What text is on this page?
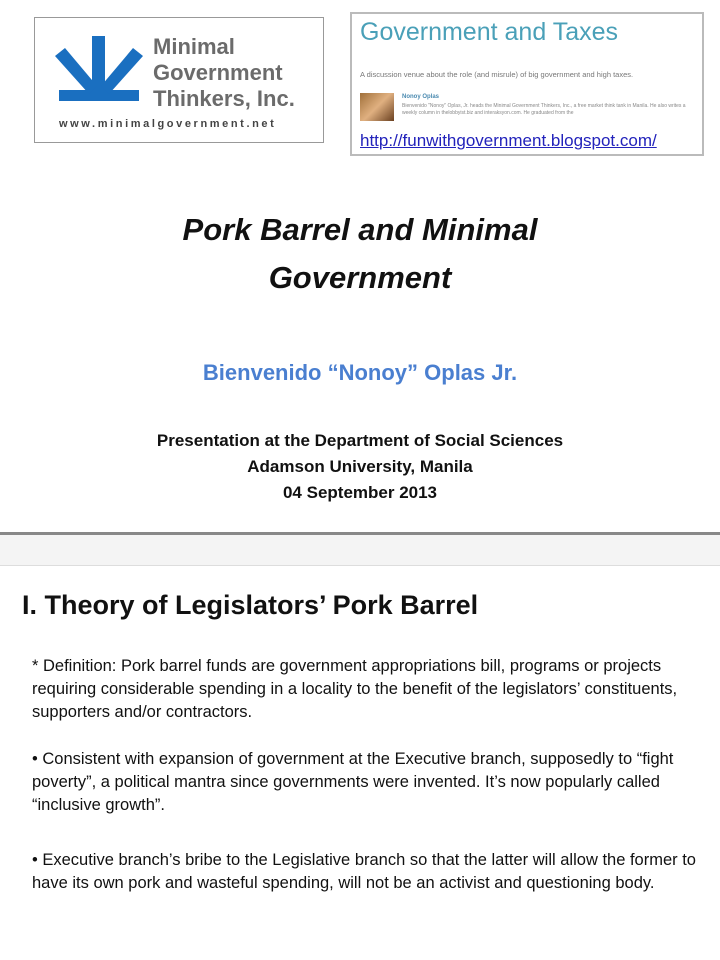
Minimal
Government
Thinkers, Inc.
www.minimalgovernment.net
Government and Taxes
A discussion venue about the role (and misrule) of big government and high taxes.
Nonoy Oplas
Bienvenido "Nonoy" Oplas, Jr. heads the Minimal Government Thinkers, Inc., a free market think tank in Manila. He also writes a weekly column in thelobbyist.biz and interaksyon.com. He graduated from the
http://funwithgovernment.blogspot.com/
Pork Barrel and Minimal
Government
Bienvenido “Nonoy” Oplas Jr.
Presentation at the Department of Social Sciences
Adamson University, Manila
04 September 2013
I. Theory of Legislators’ Pork Barrel
* Definition: Pork barrel funds are government appropriations bill, programs or projects requiring considerable spending in a locality to the benefit of the legislators’ constituents, supporters and/or contractors.
• Consistent with expansion of government at the Executive branch, supposedly to “fight poverty”, a political mantra since governments were invented. It’s now popularly called “inclusive growth”.
• Executive branch’s bribe to the Legislative branch so that the latter will allow the former to have its own pork and wasteful spending, will not be an activist and questioning body.
